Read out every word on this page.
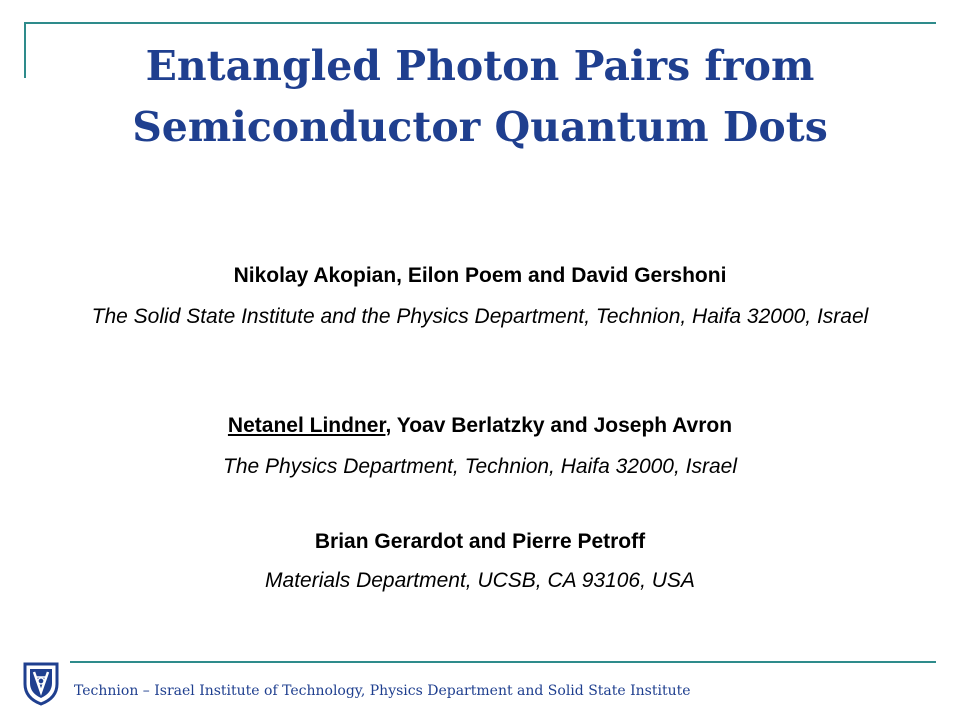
Entangled Photon Pairs from
Semiconductor Quantum Dots
Nikolay Akopian, Eilon Poem and David Gershoni
The Solid State Institute and the Physics Department, Technion, Haifa 32000, Israel
Netanel Lindner, Yoav Berlatzky and Joseph Avron
The Physics Department, Technion, Haifa 32000, Israel
Brian Gerardot and Pierre Petroff
Materials Department, UCSB, CA 93106, USA
Technion – Israel Institute of Technology, Physics Department and Solid State Institute
